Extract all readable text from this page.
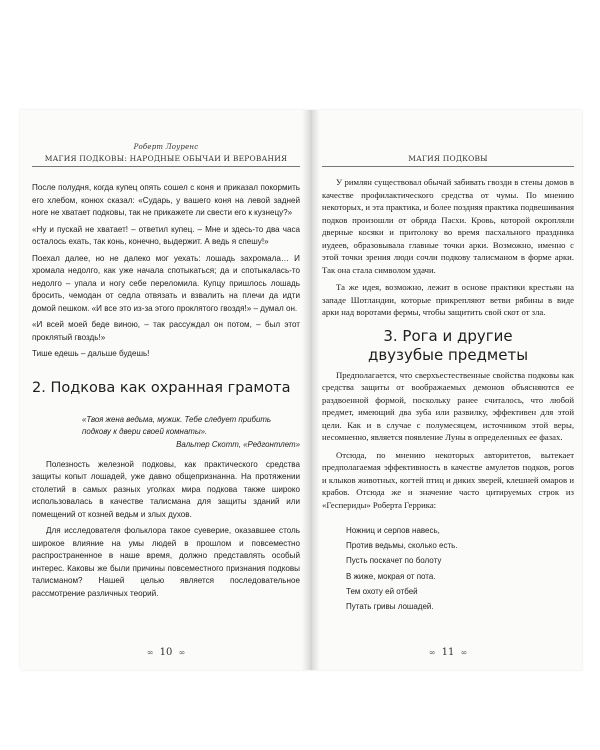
Роберт Лоуренс
МАГИЯ ПОДКОВЫ: НАРОДНЫЕ ОБЫЧАИ И ВЕРОВАНИЯ

После полудня, когда купец опять сошел с коня и приказал покормить его хлебом, конюх сказал: «Сударь, у вашего коня на левой задней ноге не хватает подковы, так не прикажете ли свести его к кузнецу?»

«Ну и пускай не хватает! – ответил купец. – Мне и здесь-то два часа осталось ехать, так конь, конечно, выдержит. А ведь я спешу!»

Поехал далее, но не далеко мог уехать: лошадь захромала… И хромала недолго, как уже начала спотыкаться; да и спотыкалась-то недолго – упала и ногу себе переломила. Купцу пришлось лошадь бросить, чемодан от седла отвязать и взвалить на плечи да идти домой пешком. «И все это из-за этого проклятого гвоздя!» – думал он.

«И всей моей беде виною, – так рассуждал он потом, – был этот проклятый гвоздь!»

Тише едешь – дальше будешь!

2. Подкова как охранная грамота
«Твоя жена ведьма, мужик. Тебе следует прибить подкову к двери своей комнаты».
Вальтер Скотт, «Редгонтлет»

Полезность железной подковы, как практического средства защиты копыт лошадей, уже давно общепризнанна. На протяжении столетий в самых разных уголках мира подкова также широко использовалась в качестве талисмана для защиты зданий или помещений от козней ведьм и злых духов.

Для исследователя фольклора такое суеверие, оказавшее столь широкое влияние на умы людей в прошлом и повсеместно распространенное в наше время, должно представлять особый интерес. Каковы же были причины повсеместного признания подковы талисманом? Нашей целью является последовательное рассмотрение различных теорий.

∞ 10 ∞
МАГИЯ ПОДКОВЫ

У римлян существовал обычай забивать гвозди в стены домов в качестве профилактического средства от чумы. По мнению некоторых, и эта практика, и более поздняя практика подвешивания подков произошли от обряда Пасхи. Кровь, которой окропляли дверные косяки и притолоку во время пасхального праздника иудеев, образовывала главные точки арки. Возможно, именно с этой точки зрения люди сочли подкову талисманом в форме арки. Так она стала символом удачи.

Та же идея, возможно, лежит в основе практики крестьян на западе Шотландии, которые прикрепляют ветви рябины в виде арки над воротами фермы, чтобы защитить свой скот от зла.

3. Рога и другие
двузубые предметы

Предполагается, что сверхъестественные свойства подковы как средства защиты от воображаемых демонов объясняются ее раздвоенной формой, поскольку ранее считалось, что любой предмет, имеющий два зуба или развилку, эффективен для этой цели. Как и в случае с полумесяцем, источником этой веры, несомненно, является появление Луны в определенных ее фазах.

Отсюда, по мнению некоторых авторитетов, вытекает предполагаемая эффективность в качестве амулетов подков, рогов и клыков животных, когтей птиц и диких зверей, клешней омаров и крабов. Отсюда же и значение часто цитируемых строк из «Геспериды» Роберта Геррика:

Ножниц и серпов навесь,
Против ведьмы, сколько есть.
Пусть поскачет по болоту
В жиже, мокрая от пота.
Тем охоту ей отбей
Путать гривы лошадей.
∞ 11 ∞
